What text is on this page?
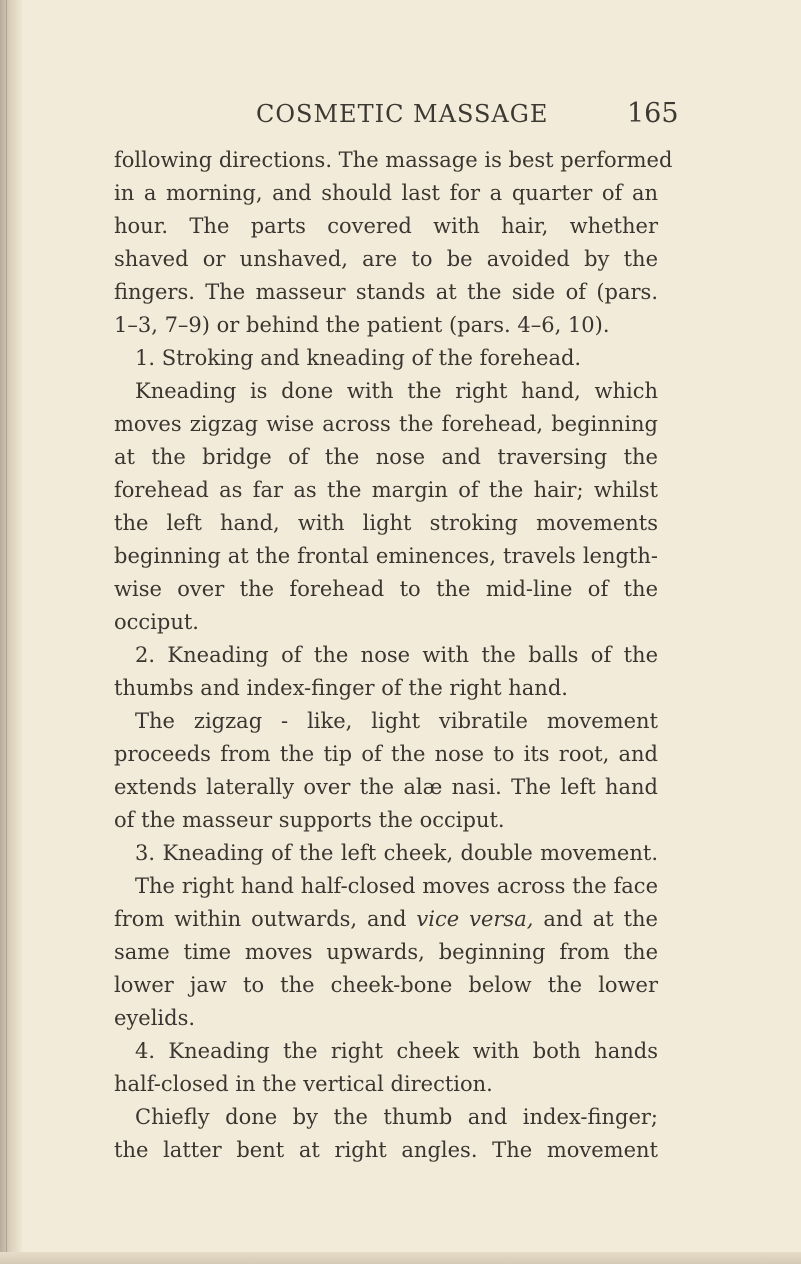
COSMETIC MASSAGE	165
following directions. The massage is best performed
in a morning, and should last for a quarter of an
hour. The parts covered with hair, whether
shaved or unshaved, are to be avoided by the
fingers. The masseur stands at the side of (pars.
1–3, 7–9) or behind the patient (pars. 4–6, 10).
1. Stroking and kneading of the forehead.
Kneading is done with the right hand, which
moves zigzag wise across the forehead, beginning
at the bridge of the nose and traversing the
forehead as far as the margin of the hair; whilst
the left hand, with light stroking movements
beginning at the frontal eminences, travels length-
wise over the forehead to the mid-line of the
occiput.
2. Kneading of the nose with the balls of the
thumbs and index-finger of the right hand.
The zigzag - like, light vibratile movement
proceeds from the tip of the nose to its root, and
extends laterally over the alæ nasi. The left hand
of the masseur supports the occiput.
3. Kneading of the left cheek, double movement.
The right hand half-closed moves across the face
from within outwards, and vice versa, and at the
same time moves upwards, beginning from the
lower jaw to the cheek-bone below the lower
eyelids.
4. Kneading the right cheek with both hands
half-closed in the vertical direction.
Chiefly done by the thumb and index-finger;
the latter bent at right angles. The movement
